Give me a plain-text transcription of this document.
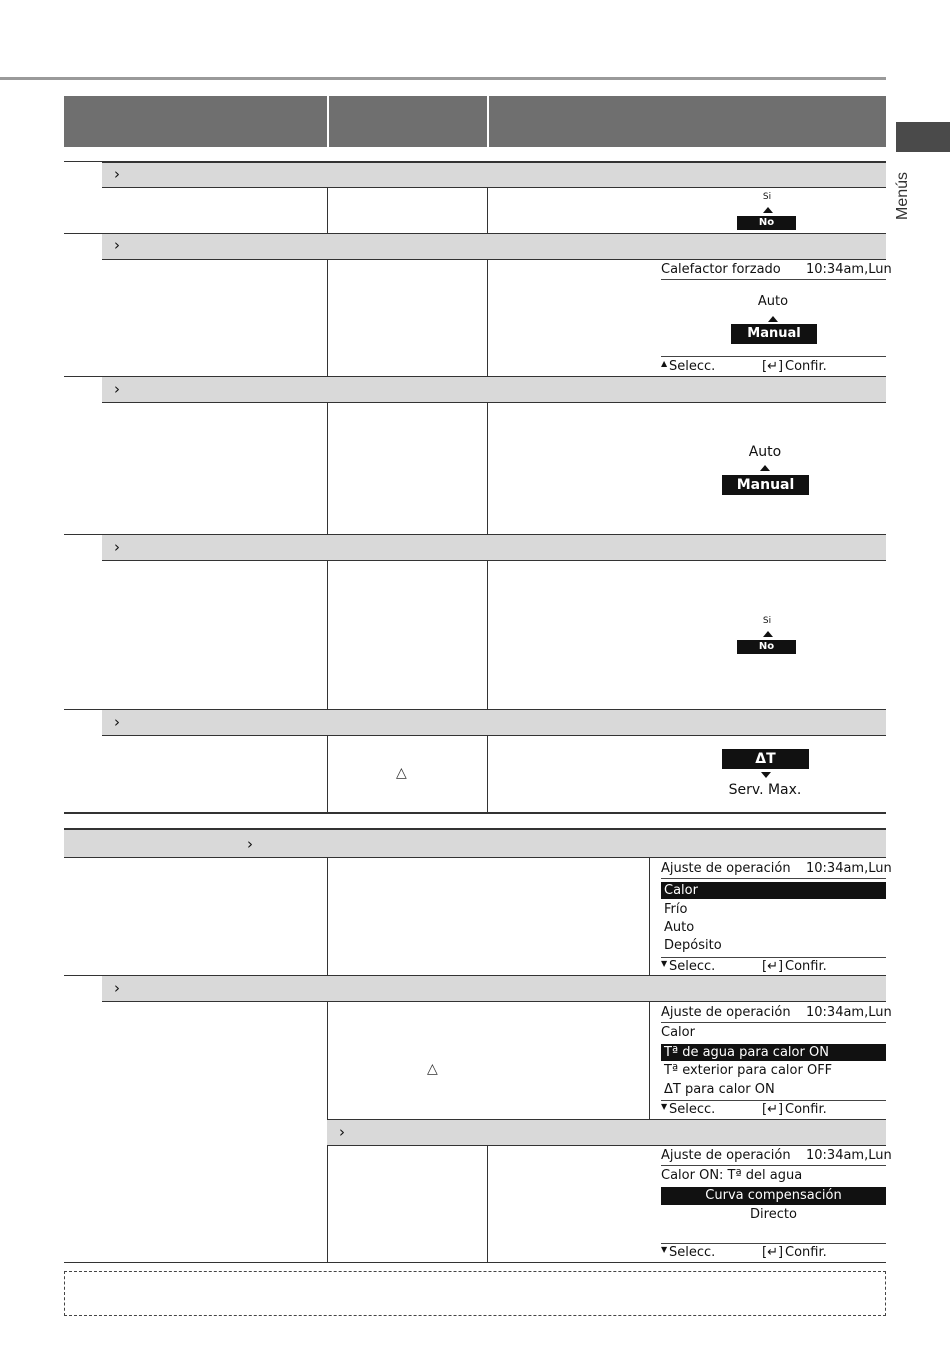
Menús
›
Si
No
›
Calefactor forzado 10:34am,Lun
Auto
Manual
▲ Selecc.	[↵] Confir.
›
Auto
Manual
›
Si
No
›
△
ΔT
Serv. Max.
›
Ajuste de operación 10:34am,Lun
Calor
Frío
Auto
Depósito
▼ Selecc.	[↵] Confir.
›
△
Ajuste de operación 10:34am,Lun
Calor
Tª de agua para calor ON
Tª exterior para calor OFF
ΔT para calor ON
▼ Selecc.	[↵] Confir.
›
Ajuste de operación 10:34am,Lun
Calor ON: Tª del agua
Curva compensación
Directo
▼ Selecc.	[↵] Confir.
